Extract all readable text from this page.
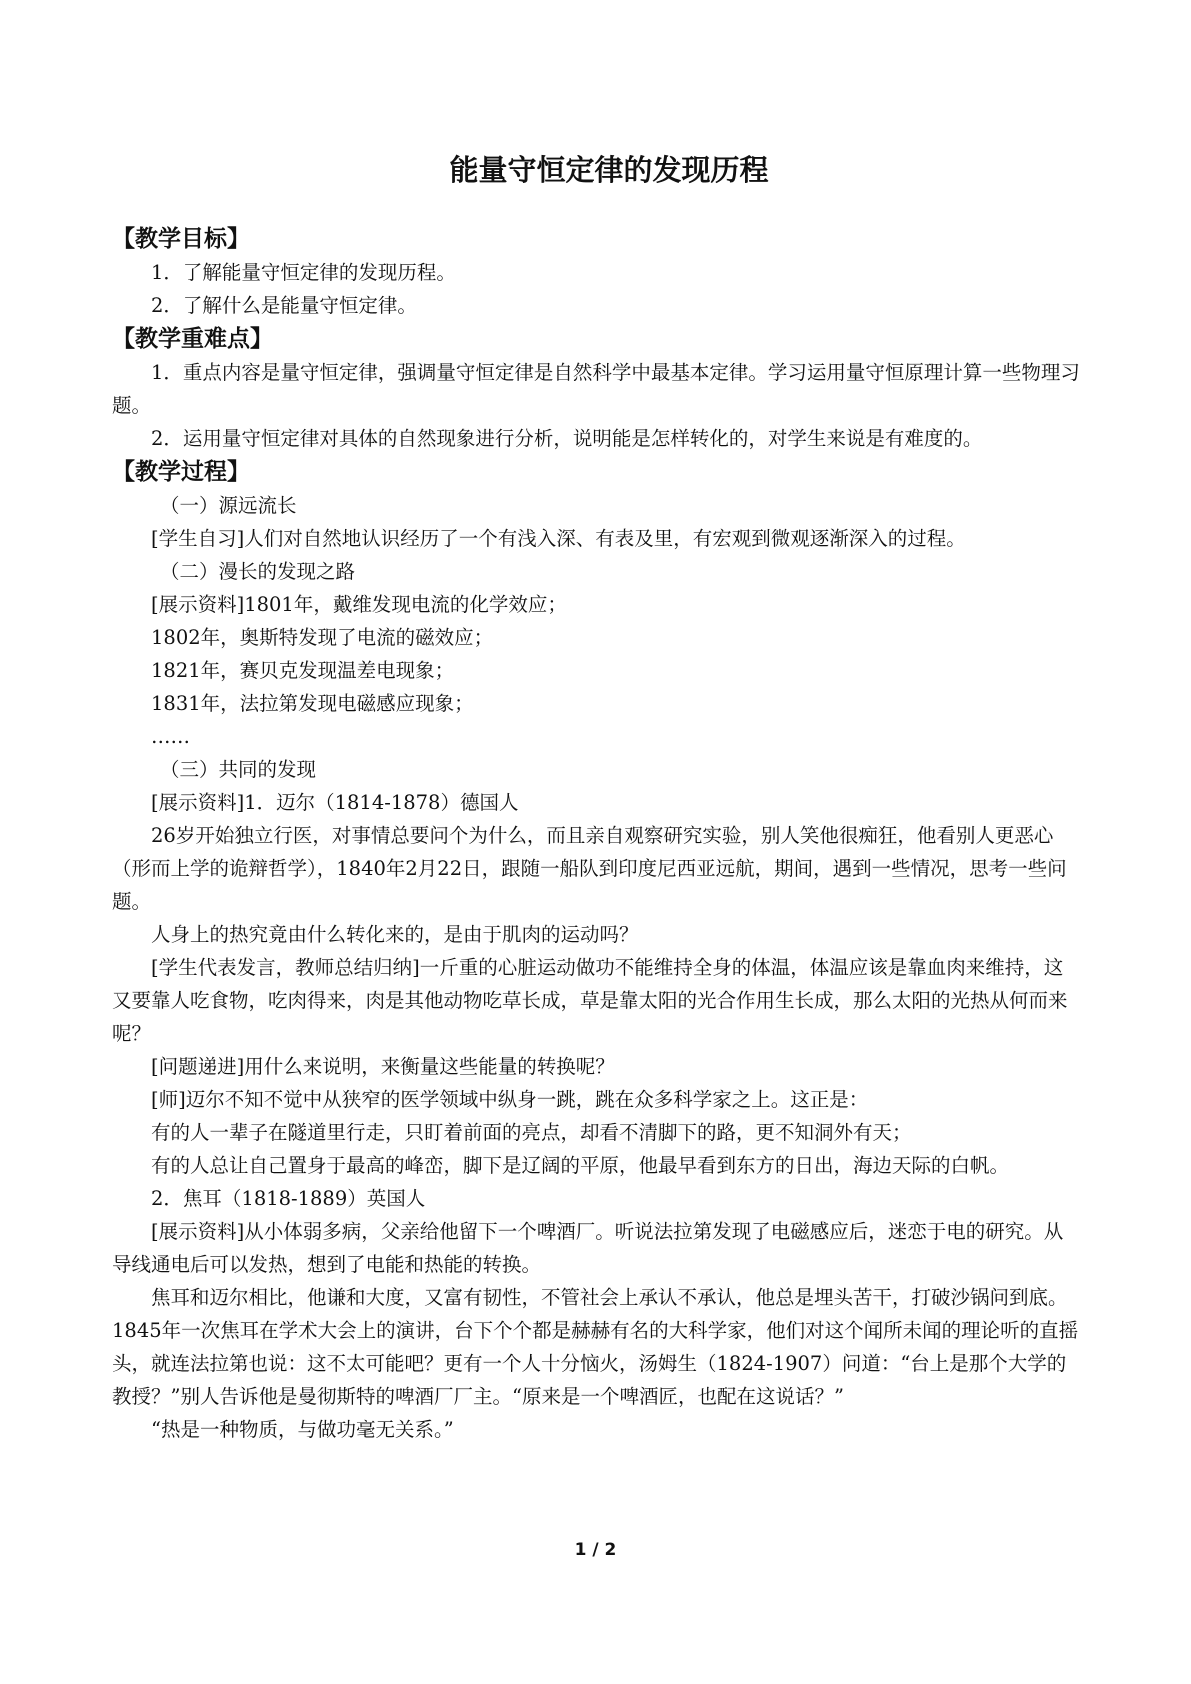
能量守恒定律的发现历程
【教学目标】

1．了解能量守恒定律的发现历程。

2．了解什么是能量守恒定律。

【教学重难点】

1．重点内容是量守恒定律，强调量守恒定律是自然科学中最基本定律。学习运用量守恒原理计算一些物理习题。

2．运用量守恒定律对具体的自然现象进行分析，说明能是怎样转化的，对学生来说是有难度的。

【教学过程】

（一）源远流长

[学生自习]人们对自然地认识经历了一个有浅入深、有表及里，有宏观到微观逐渐深入的过程。

（二）漫长的发现之路

[展示资料]1801年，戴维发现电流的化学效应；

1802年，奥斯特发现了电流的磁效应；

1821年，赛贝克发现温差电现象；

1831年，法拉第发现电磁感应现象；

……

（三）共同的发现

[展示资料]1．迈尔（1814-1878）德国人

26岁开始独立行医，对事情总要问个为什么，而且亲自观察研究实验，别人笑他很痴狂，他看别人更恶心（形而上学的诡辩哲学），1840年2月22日，跟随一船队到印度尼西亚远航，期间，遇到一些情况，思考一些问题。

人身上的热究竟由什么转化来的，是由于肌肉的运动吗？

[学生代表发言，教师总结归纳]一斤重的心脏运动做功不能维持全身的体温，体温应该是靠血肉来维持，这又要靠人吃食物，吃肉得来，肉是其他动物吃草长成，草是靠太阳的光合作用生长成，那么太阳的光热从何而来呢？

[问题递进]用什么来说明，来衡量这些能量的转换呢？

[师]迈尔不知不觉中从狭窄的医学领域中纵身一跳，跳在众多科学家之上。这正是：

有的人一辈子在隧道里行走，只盯着前面的亮点，却看不清脚下的路，更不知洞外有天；

有的人总让自己置身于最高的峰峦，脚下是辽阔的平原，他最早看到东方的日出，海边天际的白帆。

2．焦耳（1818-1889）英国人

[展示资料]从小体弱多病，父亲给他留下一个啤酒厂。听说法拉第发现了电磁感应后，迷恋于电的研究。从导线通电后可以发热，想到了电能和热能的转换。

焦耳和迈尔相比，他谦和大度，又富有韧性，不管社会上承认不承认，他总是埋头苦干，打破沙锅问到底。1845年一次焦耳在学术大会上的演讲，台下个个都是赫赫有名的大科学家，他们对这个闻所未闻的理论听的直摇头，就连法拉第也说：这不太可能吧？更有一个人十分恼火，汤姆生（1824-1907）问道：“台上是那个大学的教授？”别人告诉他是曼彻斯特的啤酒厂厂主。“原来是一个啤酒匠，也配在这说话？”

“热是一种物质，与做功毫无关系。”

1 / 2
